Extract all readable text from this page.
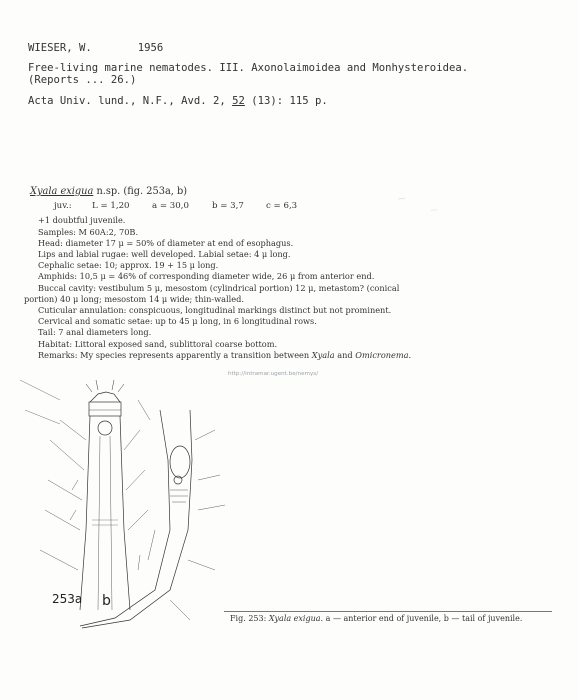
WIESER, W.	1956
Free-living marine nematodes. III. Axonolaimoidea and Monhysteroidea.
(Reports ... 26.)
Acta Univ. lund., N.F., Avd. 2, 52 (13): 115 p.
~
~
Xyala exigua n.sp. (fig. 253a, b)
juv.:	L = 1,20	a = 30,0	b = 3,7	c = 6,3

+1 doubtful juvenile.

Samples: M 60A:2, 70B.

Head: diameter 17 μ = 50% of diameter at end of esophagus.

Lips and labial rugae: well developed. Labial setae: 4 μ long.

Cephalic setae: 10; approx. 19 + 15 μ long.

Amphids: 10,5 μ = 46% of corresponding diameter wide, 26 μ from anterior end.

Buccal cavity: vestibulum 5 μ, mesostom (cylindrical portion) 12 μ, metastom? (conical

portion) 40 μ long; mesostom 14 μ wide; thin-walled.

Cuticular annulation: conspicuous, longitudinal markings distinct but not prominent.

Cervical and somatic setae: up to 45 μ long, in 6 longitudinal rows.

Tail: 7 anal diameters long.

Habitat: Littoral exposed sand, sublittoral coarse bottom.

Remarks: My species represents apparently a transition between Xyala and Omicronema.

http://intramar.ugent.be/nemys/
253a b
Fig. 253: Xyala exigua. a — anterior end of juvenile, b — tail of juvenile.
